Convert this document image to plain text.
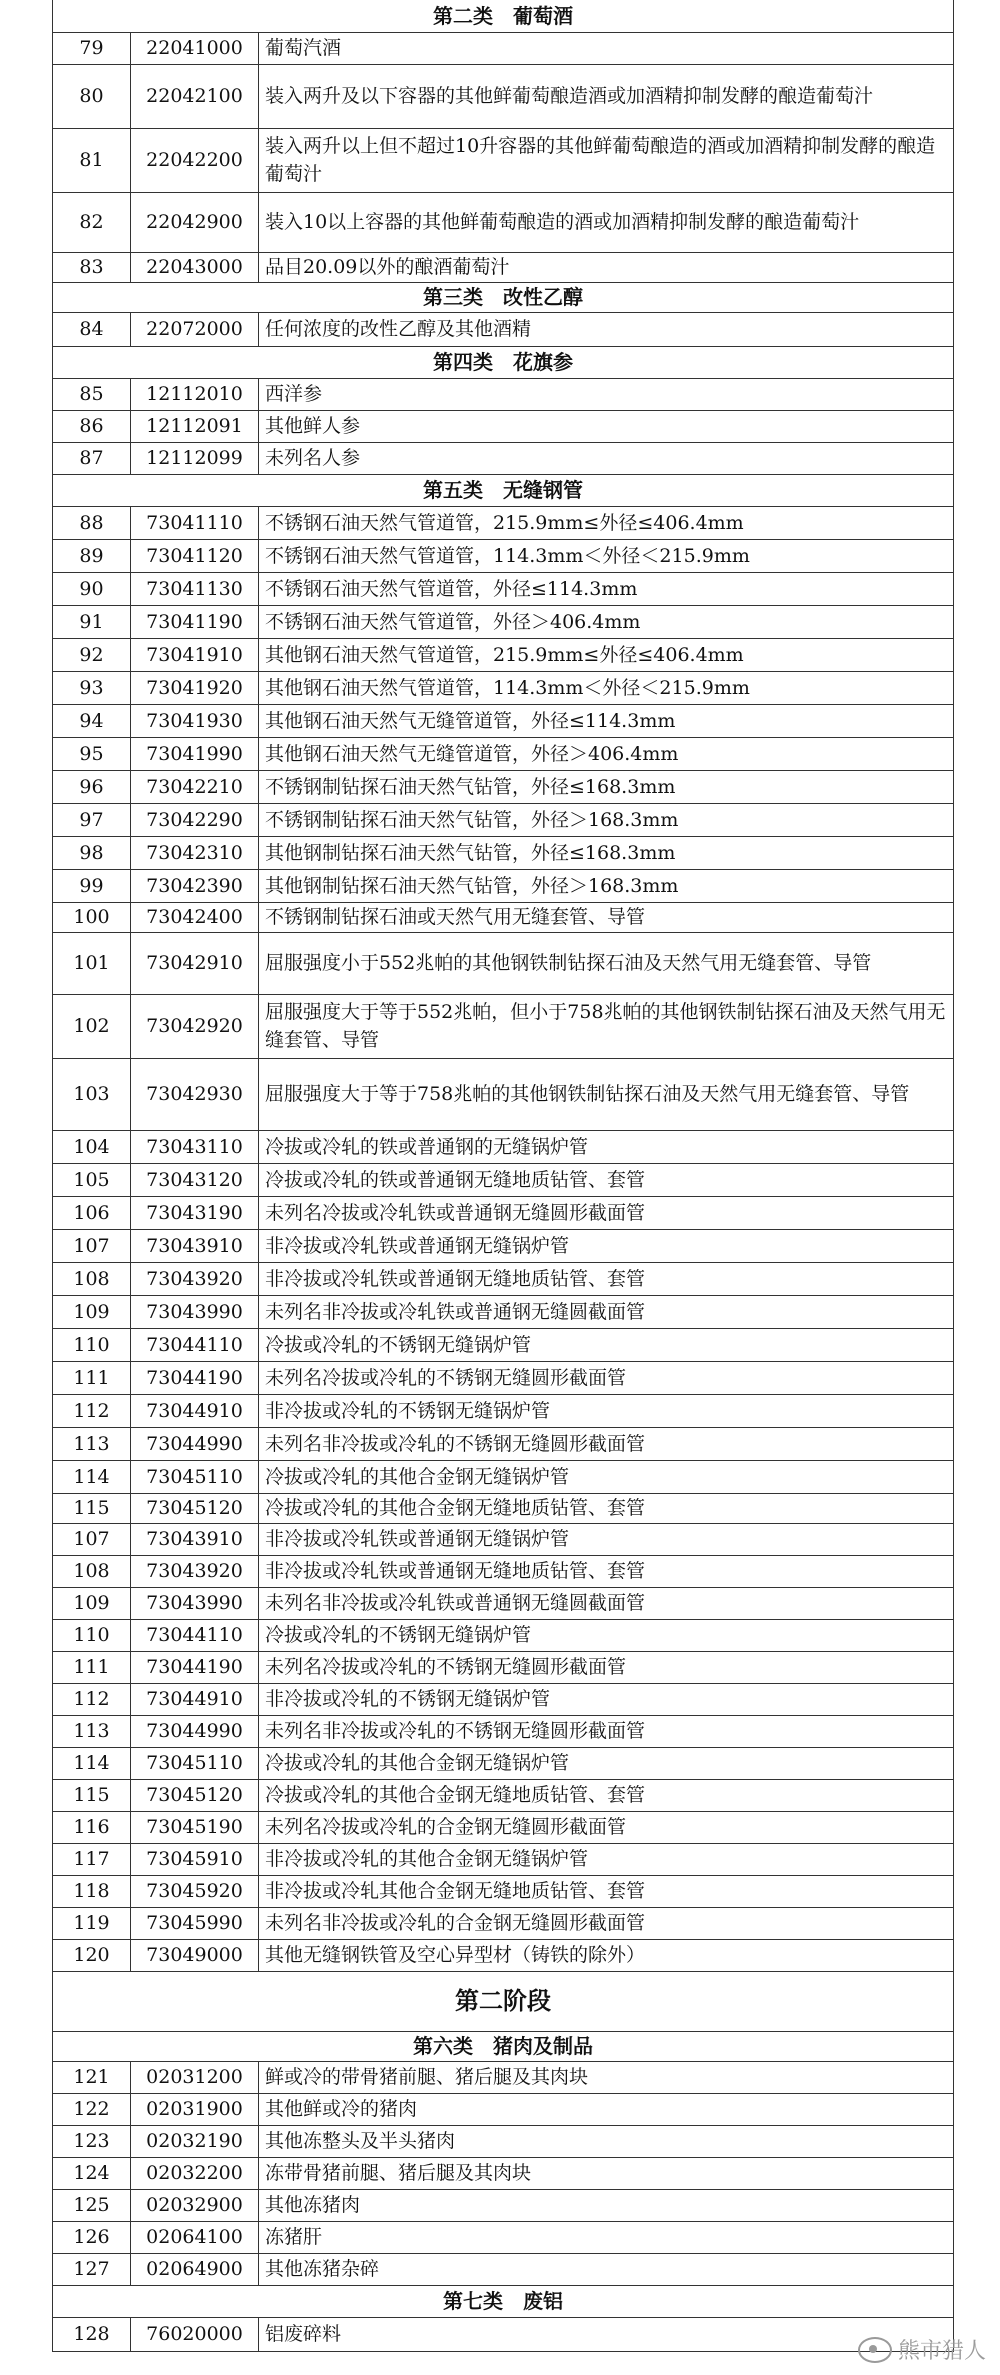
第二类　葡萄酒		
79	22041000	葡萄汽酒
80	22042100	装入两升及以下容器的其他鲜葡萄酿造酒或加酒精抑制发酵的酿造葡萄汁
81	22042200	装入两升以上但不超过10升容器的其他鲜葡萄酿造的酒或加酒精抑制发酵的酿造葡萄汁
82	22042900	装入10以上容器的其他鲜葡萄酿造的酒或加酒精抑制发酵的酿造葡萄汁
83	22043000	品目20.09以外的酿酒葡萄汁
第三类　改性乙醇		
84	22072000	任何浓度的改性乙醇及其他酒精
第四类　花旗参		
85	12112010	西洋参
86	12112091	其他鲜人参
87	12112099	未列名人参
第五类　无缝钢管		
88	73041110	不锈钢石油天然气管道管，215.9mm≤外径≤406.4mm
89	73041120	不锈钢石油天然气管道管，114.3mm＜外径＜215.9mm
90	73041130	不锈钢石油天然气管道管，外径≤114.3mm
91	73041190	不锈钢石油天然气管道管，外径＞406.4mm
92	73041910	其他钢石油天然气管道管，215.9mm≤外径≤406.4mm
93	73041920	其他钢石油天然气管道管，114.3mm＜外径＜215.9mm
94	73041930	其他钢石油天然气无缝管道管，外径≤114.3mm
95	73041990	其他钢石油天然气无缝管道管，外径＞406.4mm
96	73042210	不锈钢制钻探石油天然气钻管，外径≤168.3mm
97	73042290	不锈钢制钻探石油天然气钻管，外径＞168.3mm
98	73042310	其他钢制钻探石油天然气钻管，外径≤168.3mm
99	73042390	其他钢制钻探石油天然气钻管，外径＞168.3mm
100	73042400	不锈钢制钻探石油或天然气用无缝套管、导管
101	73042910	屈服强度小于552兆帕的其他钢铁制钻探石油及天然气用无缝套管、导管
102	73042920	屈服强度大于等于552兆帕，但小于758兆帕的其他钢铁制钻探石油及天然气用无缝套管、导管
103	73042930	屈服强度大于等于758兆帕的其他钢铁制钻探石油及天然气用无缝套管、导管
104	73043110	冷拔或冷轧的铁或普通钢的无缝锅炉管
105	73043120	冷拔或冷轧的铁或普通钢无缝地质钻管、套管
106	73043190	未列名冷拔或冷轧铁或普通钢无缝圆形截面管
107	73043910	非冷拔或冷轧铁或普通钢无缝锅炉管
108	73043920	非冷拔或冷轧铁或普通钢无缝地质钻管、套管
109	73043990	未列名非冷拔或冷轧铁或普通钢无缝圆截面管
110	73044110	冷拔或冷轧的不锈钢无缝锅炉管
111	73044190	未列名冷拔或冷轧的不锈钢无缝圆形截面管
112	73044910	非冷拔或冷轧的不锈钢无缝锅炉管
113	73044990	未列名非冷拔或冷轧的不锈钢无缝圆形截面管
114	73045110	冷拔或冷轧的其他合金钢无缝锅炉管
115	73045120	冷拔或冷轧的其他合金钢无缝地质钻管、套管
107	73043910	非冷拔或冷轧铁或普通钢无缝锅炉管
108	73043920	非冷拔或冷轧铁或普通钢无缝地质钻管、套管
109	73043990	未列名非冷拔或冷轧铁或普通钢无缝圆截面管
110	73044110	冷拔或冷轧的不锈钢无缝锅炉管
111	73044190	未列名冷拔或冷轧的不锈钢无缝圆形截面管
112	73044910	非冷拔或冷轧的不锈钢无缝锅炉管
113	73044990	未列名非冷拔或冷轧的不锈钢无缝圆形截面管
114	73045110	冷拔或冷轧的其他合金钢无缝锅炉管
115	73045120	冷拔或冷轧的其他合金钢无缝地质钻管、套管
116	73045190	未列名冷拔或冷轧的合金钢无缝圆形截面管
117	73045910	非冷拔或冷轧的其他合金钢无缝锅炉管
118	73045920	非冷拔或冷轧其他合金钢无缝地质钻管、套管
119	73045990	未列名非冷拔或冷轧的合金钢无缝圆形截面管
120	73049000	其他无缝钢铁管及空心异型材（铸铁的除外）
第二阶段		
第六类　猪肉及制品		
121	02031200	鲜或冷的带骨猪前腿、猪后腿及其肉块
122	02031900	其他鲜或冷的猪肉
123	02032190	其他冻整头及半头猪肉
124	02032200	冻带骨猪前腿、猪后腿及其肉块
125	02032900	其他冻猪肉
126	02064100	冻猪肝
127	02064900	其他冻猪杂碎
第七类　废铝		
128	76020000	铝废碎料
熊市猎人
